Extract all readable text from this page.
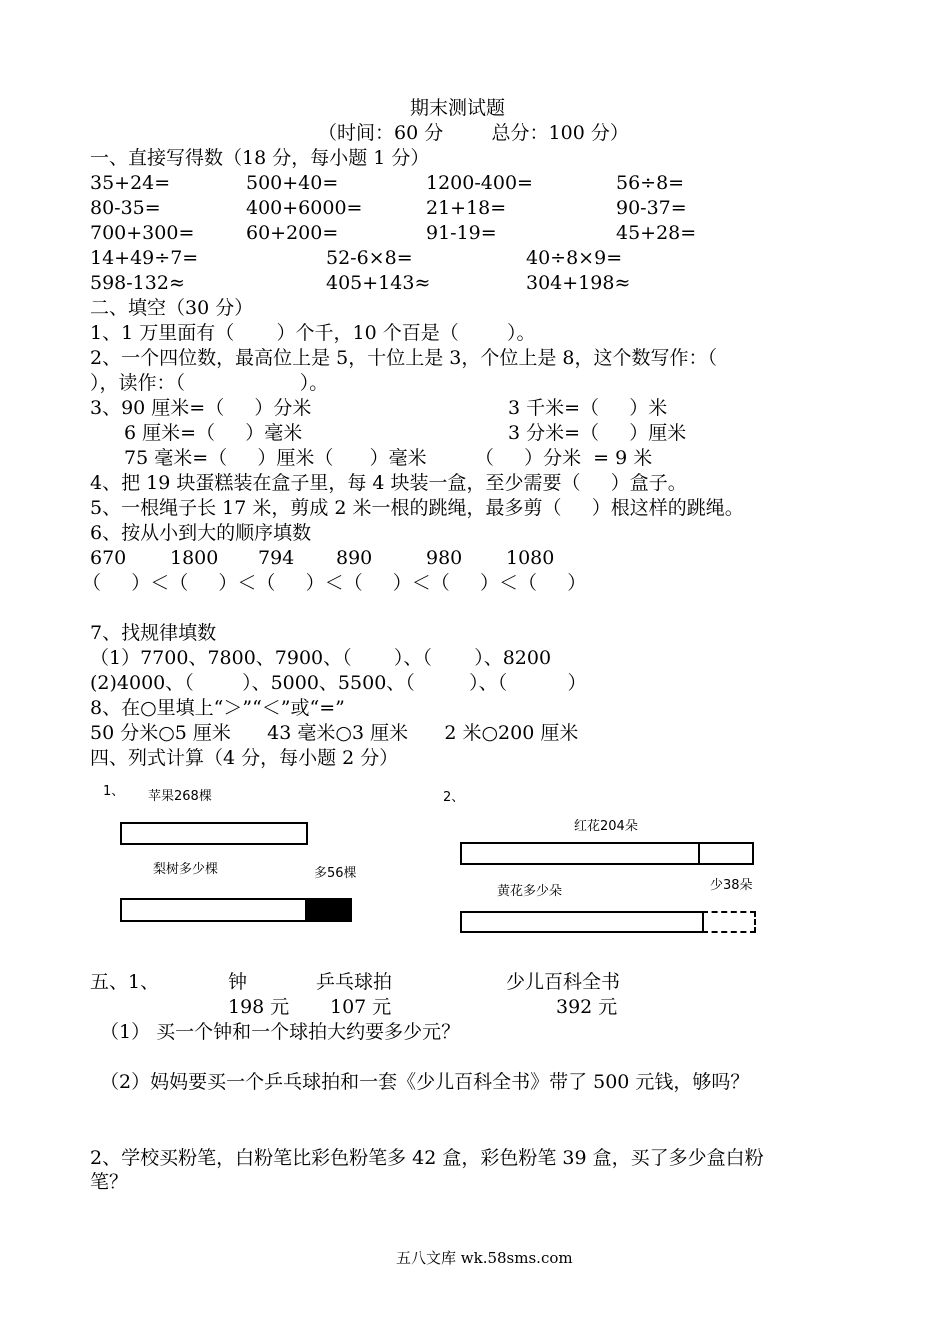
期末测试题
（时间：60 分        总分：100 分）
一、直接写得数（18 分，每小题 1 分）
35+24=	500+40=	1200-400=	56÷8=
80-35=	400+6000=	21+18=	90-37=
700+300=	60+200=	91-19=	45+28=
14+49÷7=	52-6×8=	40÷8×9=
598-132≈	405+143≈	304+198≈
二、填空（30 分）
1、1 万里面有（       ）个千，10 个百是（        ）。
2、一个四位数，最高位上是 5，十位上是 3，个位上是 8，这个数写作：（
），读作：（                   ）。
3、90 厘米=（     ）分米	3 千米=（     ）米
6 厘米=（     ）毫米	3 分米=（     ）厘米
75 毫米=（     ）厘米（      ）毫米        （     ）分米  = 9 米
4、把 19 块蛋糕装在盒子里，每 4 块装一盒，至少需要（     ）盒子。
5、一根绳子长 17 米，剪成 2 米一根的跳绳，最多剪（     ）根这样的跳绳。
6、按从小到大的顺序填数
670 1800 794 890	980 1080
（     ）＜（     ）＜（     ）＜（     ）＜（     ）＜（     ）
7、找规律填数
（1）7700、7800、7900、（       ）、（       ）、8200
(2)4000、（        ）、5000、5500、（         ）、（          ）
8、在○里填上“＞”“＜”或“=”
50 分米○5 厘米      43 毫米○3 厘米      2 米○200 厘米
四、列式计算（4 分，每小题 2 分）
1、 苹果268棵
梨树多少棵	多56棵
2、
红花204朵
黄花多少朵	少38朵
五、1、	钟	乒乓球拍	少儿百科全书
198 元 107 元	392 元
（1） 买一个钟和一个球拍大约要多少元？
（2）妈妈要买一个乒乓球拍和一套《少儿百科全书》带了 500 元钱，够吗？
2、学校买粉笔，白粉笔比彩色粉笔多 42 盒，彩色粉笔 39 盒，买了多少盒白粉
笔？
五八文库 wk.58sms.com
